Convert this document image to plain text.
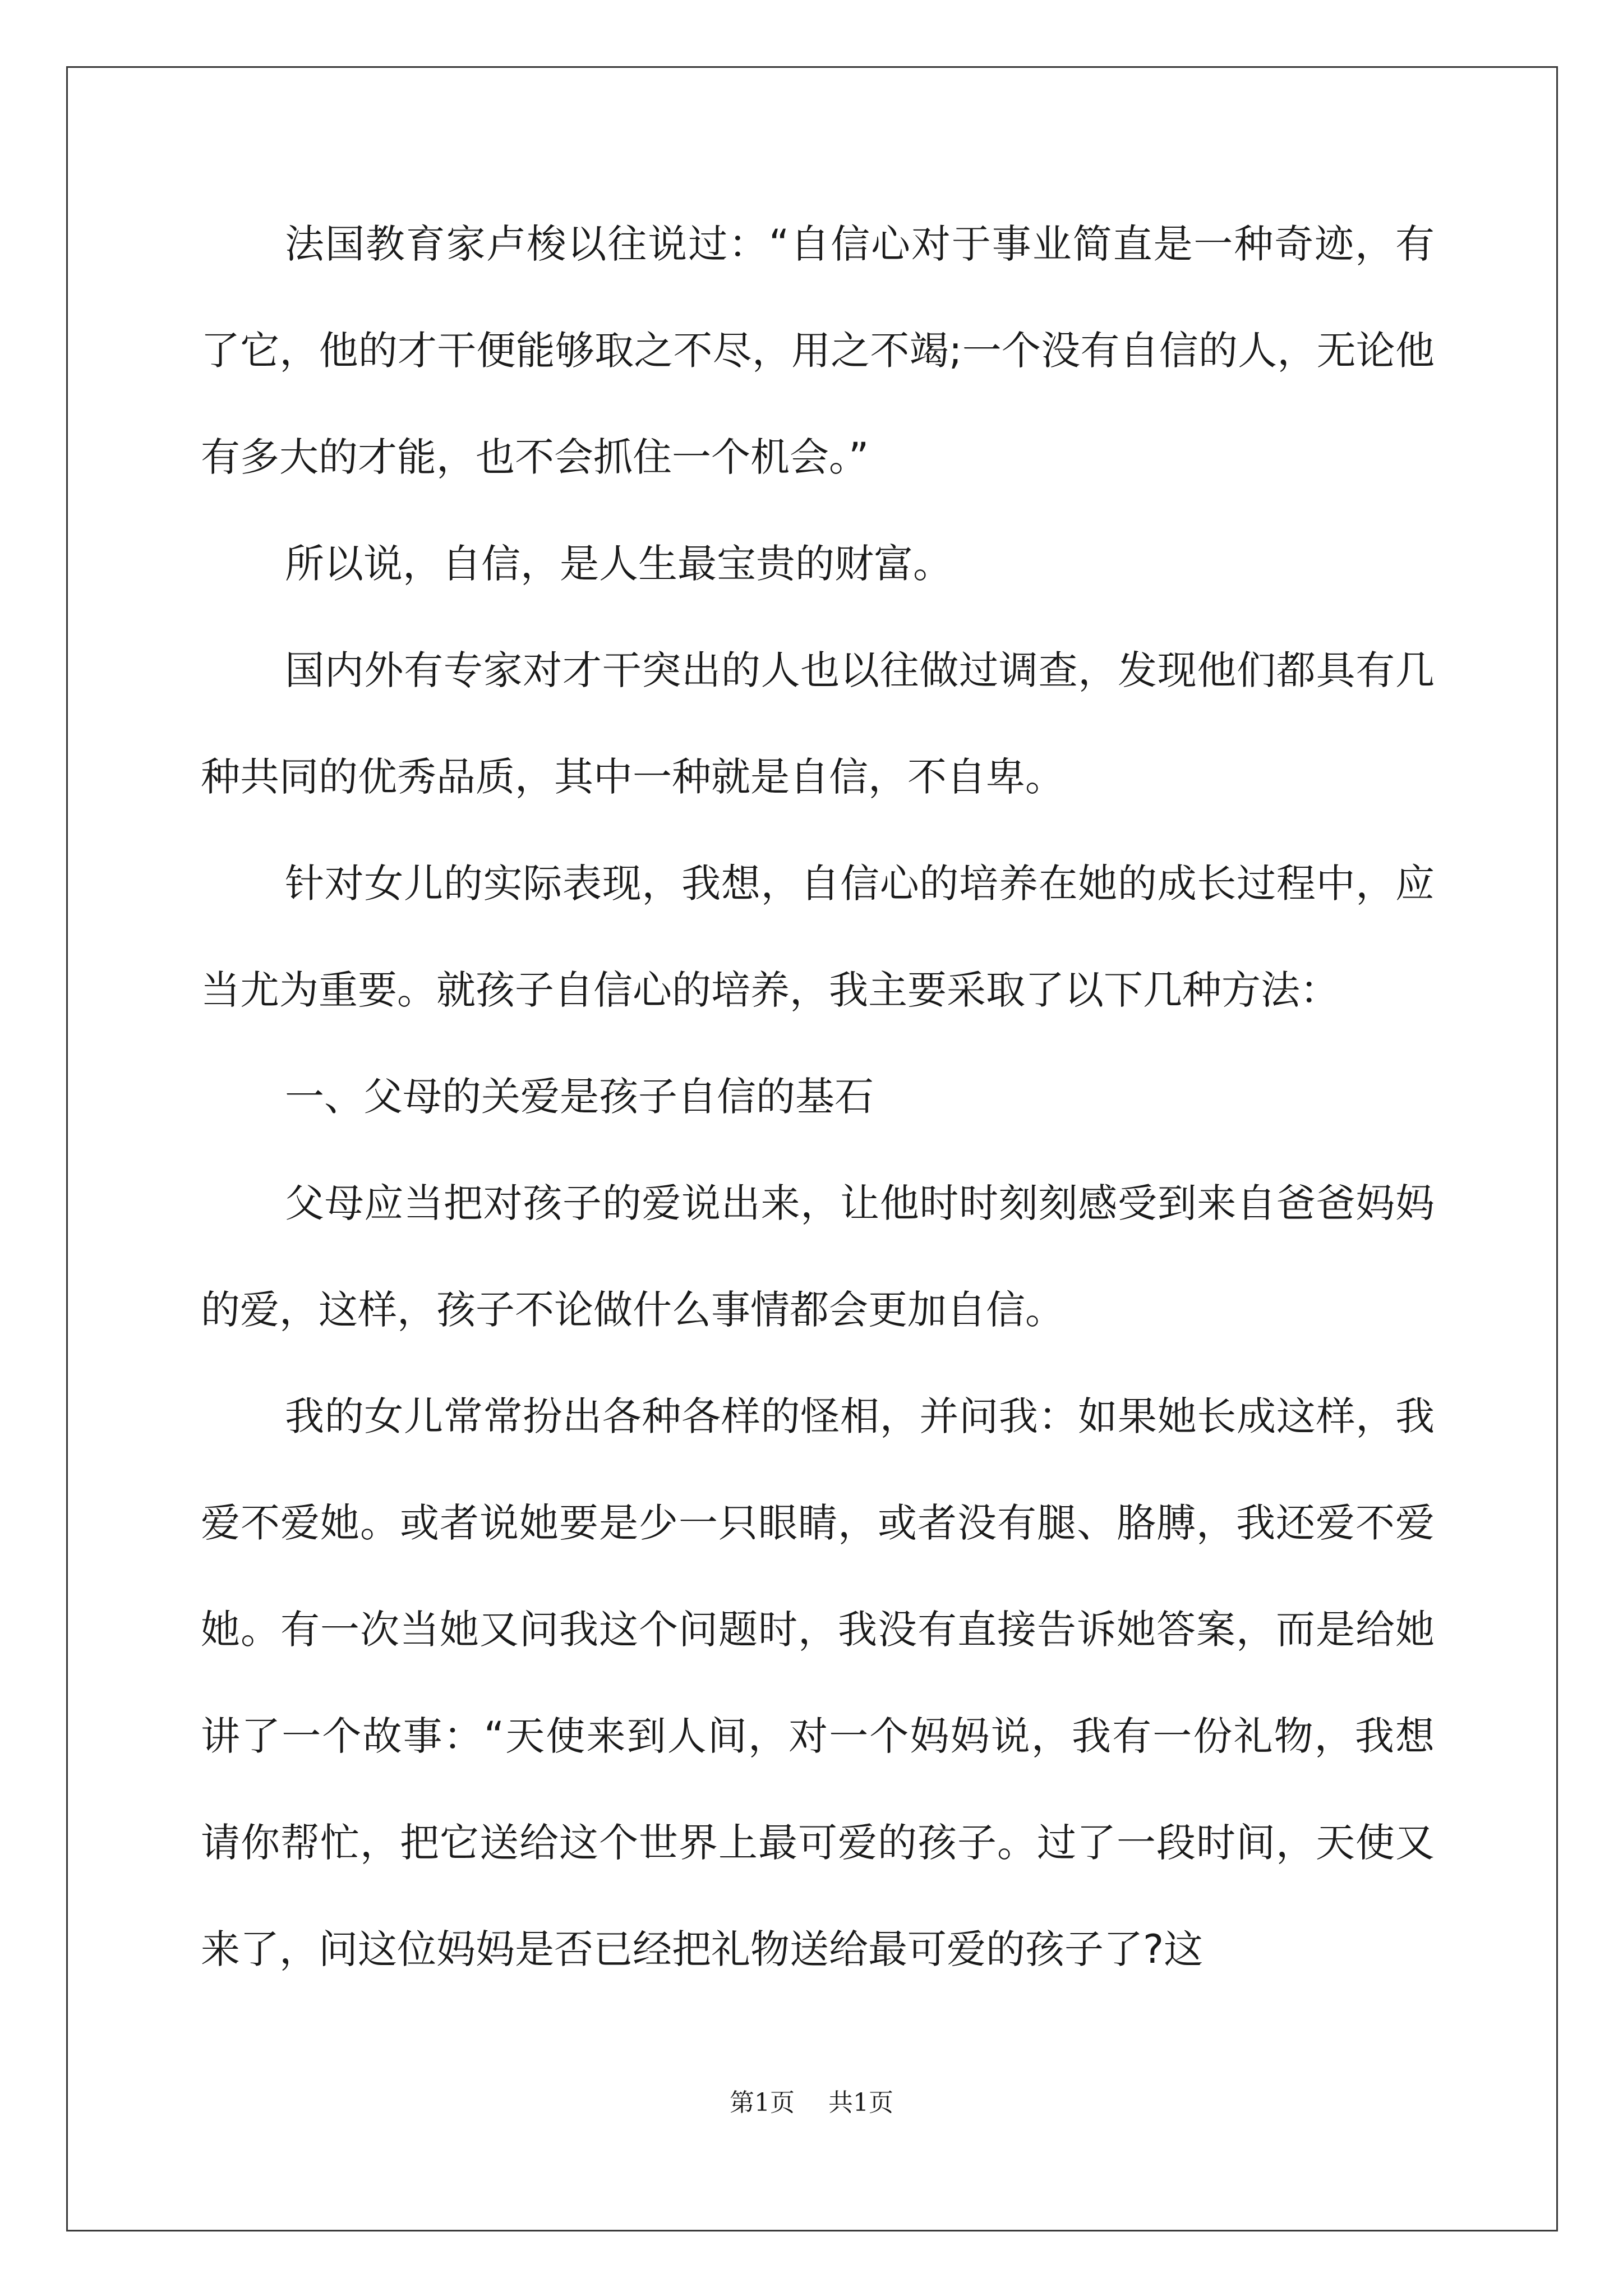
法国教育家卢梭以往说过：“自信心对于事业简直是一种奇迹，有了它，他的才干便能够取之不尽，用之不竭;一个没有自信的人，无论他有多大的才能，也不会抓住一个机会。”

所以说，自信，是人生最宝贵的财富。

国内外有专家对才干突出的人也以往做过调查，发现他们都具有几种共同的优秀品质，其中一种就是自信，不自卑。

针对女儿的实际表现，我想，自信心的培养在她的成长过程中，应当尤为重要。就孩子自信心的培养，我主要采取了以下几种方法：

一、父母的关爱是孩子自信的基石

父母应当把对孩子的爱说出来，让他时时刻刻感受到来自爸爸妈妈的爱，这样，孩子不论做什么事情都会更加自信。

我的女儿常常扮出各种各样的怪相，并问我：如果她长成这样，我爱不爱她。或者说她要是少一只眼睛，或者没有腿、胳膊，我还爱不爱她。有一次当她又问我这个问题时，我没有直接告诉她答案，而是给她讲了一个故事：“天使来到人间，对一个妈妈说，我有一份礼物，我想请你帮忙，把它送给这个世界上最可爱的孩子。过了一段时间，天使又来了，问这位妈妈是否已经把礼物送给最可爱的孩子了?这

第1页 共1页
